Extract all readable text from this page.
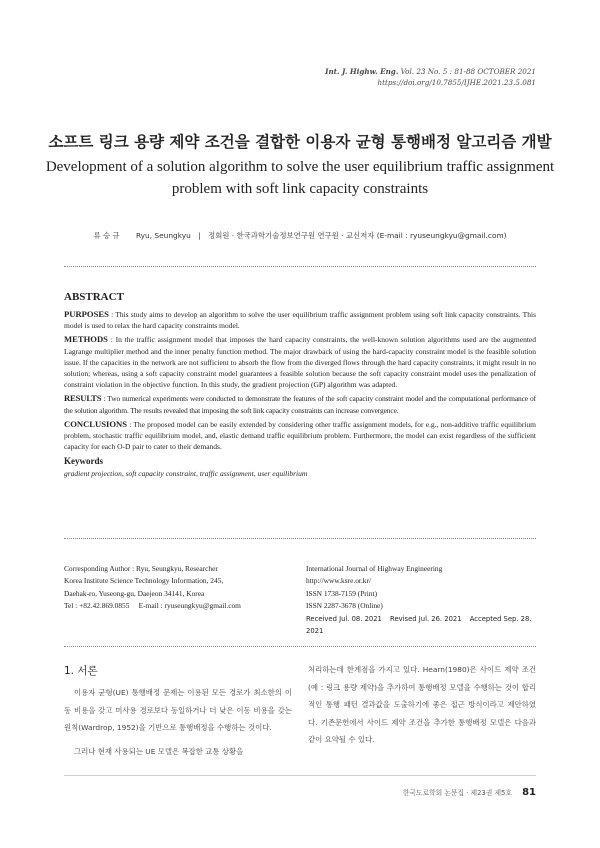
Int. J. Highw. Eng. Vol. 23 No. 5 : 81-88 OCTOBER 2021
https://doi.org/10.7855/IJHE.2021.23.5.081
소프트 링크 용량 제약 조건을 결합한 이용자 균형 통행배정 알고리즘 개발
Development of a solution algorithm to solve the user equilibrium traffic assignment problem with soft link capacity constraints
류 승 규 Ryu, Seungkyu | 정회원 · 한국과학기술정보연구원 연구원 · 교신저자 (E-mail : ryuseungkyu@gmail.com)
ABSTRACT

PURPOSES : This study aims to develop an algorithm to solve the user equilibrium traffic assignment problem using soft link capacity constraints. This model is used to relax the hard capacity constraints model.

METHODS : In the traffic assignment model that imposes the hard capacity constraints, the well-known solution algorithms used are the augmented Lagrange multiplier method and the inner penalty function method. The major drawback of using the hard-capacity constraint model is the feasible solution issue. If the capacities in the network are not sufficient to absorb the flow from the diverged flows through the hard capacity constraints, it might result in no solution; whereas, using a soft capacity constraint model guarantees a feasible solution because the soft capacity constraint model uses the penalization of constraint violation in the objective function. In this study, the gradient projection (GP) algorithm was adapted.

RESULTS : Two numerical experiments were conducted to demonstrate the features of the soft capacity constraint model and the computational performance of the solution algorithm. The results revealed that imposing the soft link capacity constraints can increase convergence.

CONCLUSIONS : The proposed model can be easily extended by considering other traffic assignment models, for e.g., non-additive traffic equilibrium problem, stochastic traffic equilibrium model, and, elastic demand traffic equilibrium problem. Furthermore, the model can exist regardless of the sufficient capacity for each O-D pair to cater to their demands.

Keywords

gradient projection, soft capacity constraint, traffic assignment, user equilibrium

Corresponding Author : Ryu, Seungkyu, Researcher
Korea Institute Science Technology Information, 245,
Daehak-ro, Yuseong-gu, Daejeon 34141, Korea
Tel : +82.42.869.0855     E-mail : ryuseungkyu@gmail.com
International Journal of Highway Engineering
http://www.ksre.or.kr/
ISSN 1738-7159 (Print)
ISSN 2287-3678 (Online)
Received Jul. 08. 2021 Revised Jul. 26. 2021 Accepted Sep. 28. 2021
1. 서론

이용자 균형(UE) 통행배정 문제는 이용된 모든 경로가 최소한의 이동 비용을 갖고 미사용 경로보다 동일하거나 더 낮은 이동 비용을 갖는 원칙(Wardrop, 1952)을 기반으로 통행배정을 수행하는 것이다.

그러나 현재 사용되는 UE 모델은 복잡한 교통 상황을

처리하는데 한계점을 가지고 있다. Hearn(1980)은 사이드 제약 조건(예 : 링크 용량 제약)을 추가하여 통행배정 모델을 수행하는 것이 합리적인 통행 패턴 결과값을 도출하기에 좋은 접근 방식이라고 제안하였다. 기존문헌에서 사이드 제약 조건을 추가한 통행배정 모델은 다음과 같이 요약될 수 있다.

한국도로학회 논문집 · 제23권 제5호 81
